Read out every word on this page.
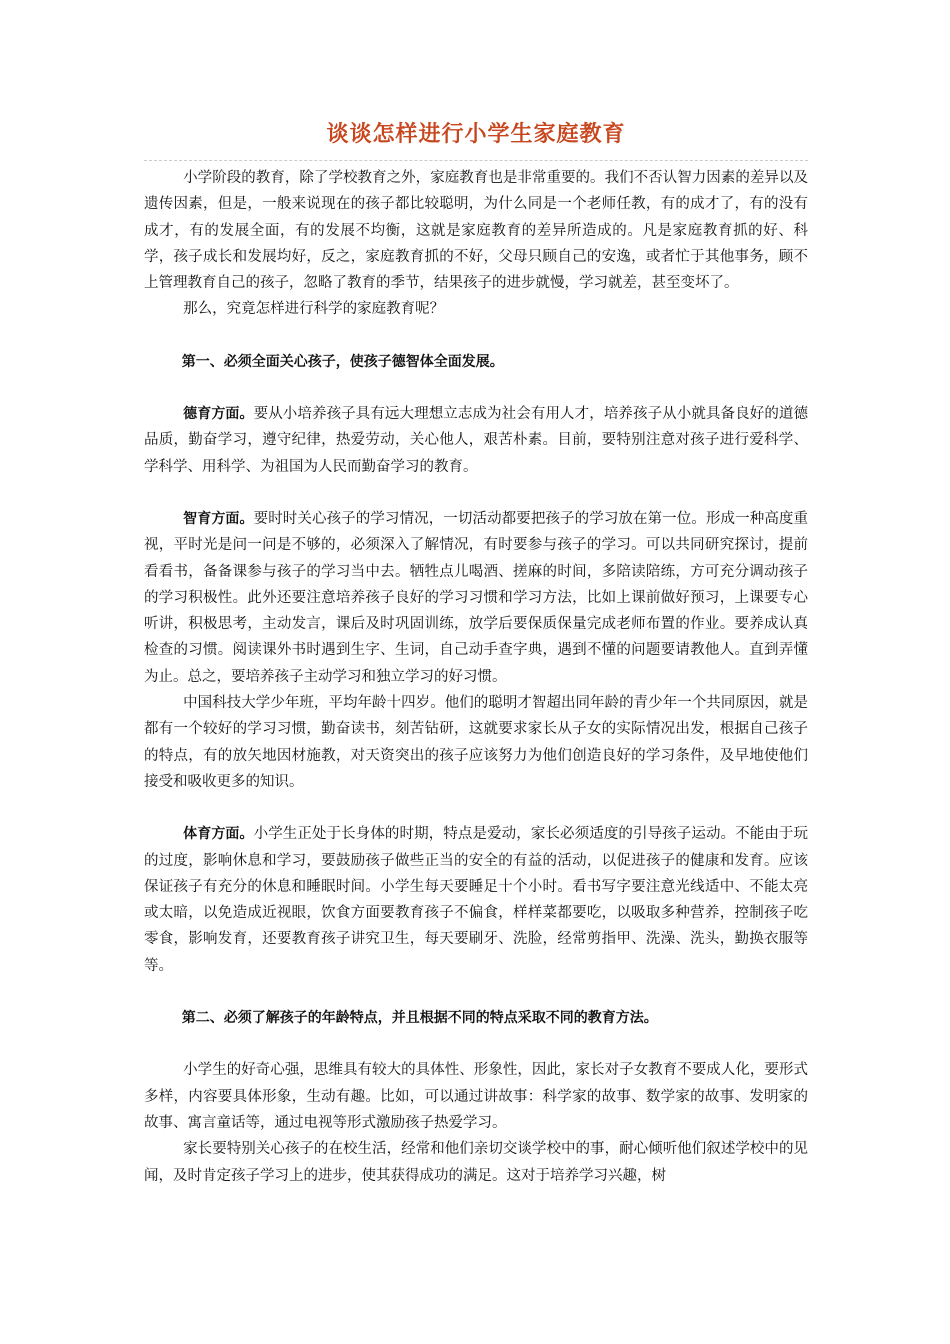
谈谈怎样进行小学生家庭教育

小学阶段的教育，除了学校教育之外，家庭教育也是非常重要的。我们不否认智力因素的差异以及遗传因素，但是，一般来说现在的孩子都比较聪明，为什么同是一个老师任教，有的成才了，有的没有成才，有的发展全面，有的发展不均衡，这就是家庭教育的差异所造成的。凡是家庭教育抓的好、科学，孩子成长和发展均好，反之，家庭教育抓的不好，父母只顾自己的安逸，或者忙于其他事务，顾不上管理教育自己的孩子，忽略了教育的季节，结果孩子的进步就慢，学习就差，甚至变坏了。

那么，究竟怎样进行科学的家庭教育呢？

第一、必须全面关心孩子，使孩子德智体全面发展。

德育方面。要从小培养孩子具有远大理想立志成为社会有用人才，培养孩子从小就具备良好的道德品质，勤奋学习，遵守纪律，热爱劳动，关心他人，艰苦朴素。目前，要特别注意对孩子进行爱科学、学科学、用科学、为祖国为人民而勤奋学习的教育。

智育方面。要时时关心孩子的学习情况，一切活动都要把孩子的学习放在第一位。形成一种高度重视，平时光是问一问是不够的，必须深入了解情况，有时要参与孩子的学习。可以共同研究探讨，提前看看书，备备课参与孩子的学习当中去。牺牲点儿喝酒、搓麻的时间，多陪读陪练，方可充分调动孩子的学习积极性。此外还要注意培养孩子良好的学习习惯和学习方法，比如上课前做好预习，上课要专心听讲，积极思考，主动发言，课后及时巩固训练，放学后要保质保量完成老师布置的作业。要养成认真检查的习惯。阅读课外书时遇到生字、生词，自己动手查字典，遇到不懂的问题要请教他人。直到弄懂为止。总之，要培养孩子主动学习和独立学习的好习惯。

中国科技大学少年班，平均年龄十四岁。他们的聪明才智超出同年龄的青少年一个共同原因，就是都有一个较好的学习习惯，勤奋读书，刻苦钻研，这就要求家长从子女的实际情况出发，根据自己孩子的特点，有的放矢地因材施教，对天资突出的孩子应该努力为他们创造良好的学习条件，及早地使他们接受和吸收更多的知识。

体育方面。小学生正处于长身体的时期，特点是爱动，家长必须适度的引导孩子运动。不能由于玩的过度，影响休息和学习，要鼓励孩子做些正当的安全的有益的活动，以促进孩子的健康和发育。应该保证孩子有充分的休息和睡眠时间。小学生每天要睡足十个小时。看书写字要注意光线适中、不能太亮或太暗，以免造成近视眼，饮食方面要教育孩子不偏食，样样菜都要吃，以吸取多种营养，控制孩子吃零食，影响发育，还要教育孩子讲究卫生，每天要刷牙、洗脸，经常剪指甲、洗澡、洗头，勤换衣服等等。

第二、必须了解孩子的年龄特点，并且根据不同的特点采取不同的教育方法。

小学生的好奇心强，思维具有较大的具体性、形象性，因此，家长对子女教育不要成人化，要形式多样，内容要具体形象，生动有趣。比如，可以通过讲故事：科学家的故事、数学家的故事、发明家的故事、寓言童话等，通过电视等形式激励孩子热爱学习。

家长要特别关心孩子的在校生活，经常和他们亲切交谈学校中的事，耐心倾听他们叙述学校中的见闻，及时肯定孩子学习上的进步，使其获得成功的满足。这对于培养学习兴趣，树
